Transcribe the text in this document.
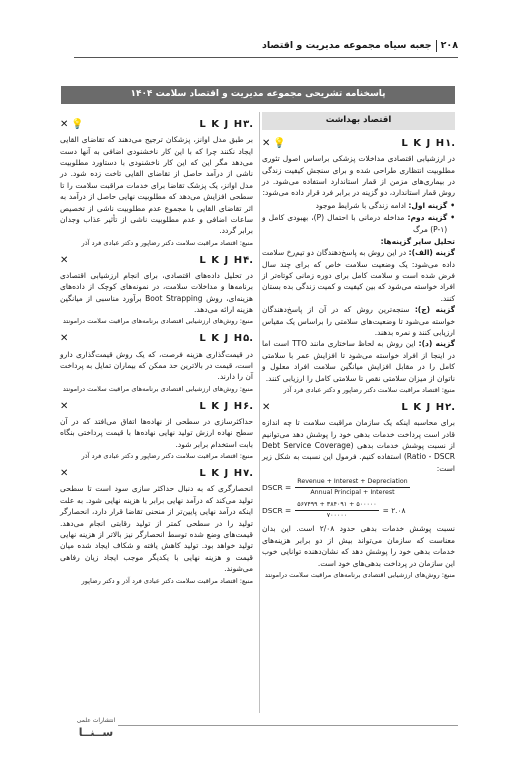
۲۰۸
جعبه سیاه مجموعه مدیریت و اقتصاد
پاسخنامه تشریحی مجموعه مدیریت و اقتصاد سلامت ۱۴۰۴
اقتصاد بهداشت
L K J H۱.
✕ 💡
در ارزشیابی اقتصادی مداخلات پزشکی براساس اصول تئوری مطلوبیت انتظاری طراحی شده و برای سنجش کیفیت زندگی در بیماری‌های مزمن از قمار استاندارد استفاده می‌شود. در روش قمار استاندارد، دو گزینه در برابر فرد قرار داده می‌شود:
•
گزینه اول: ادامه زندگی با شرایط موجود
•
گزینه دوم: مداخله درمانی با احتمال (P)، بهبودی کامل و (P-۱) مرگ
تحلیل سایر گزینه‌ها:
گزینه (الف): در این روش به پاسخ‌دهندگان دو تیم‌رخ سلامت داده می‌شود: یک وضعیت سلامت خاص که برای چند سال فرض شده است و سلامت کامل برای دوره زمانی کوتاه‌تر از افراد خواسته می‌شود که بین کیفیت و کمیت زندگی بده بستان کنند.
گزینه (ج): سنجه‌ترین روش که در آن از پاسخ‌دهندگان خواسته می‌شود تا وضعیت‌های سلامتی را براساس یک مقیاس ارزیابی کنند و نمره بدهند.
گزینه (د): این روش به لحاظ ساختاری مانند TTO است اما در اینجا از افراد خواسته می‌شود تا افزایش عمر با سلامتی کامل را در مقابل افزایش میانگین سلامت افراد معلول و ناتوان از میزان سلامتی نقص تا سلامتی کامل را ارزیابی کنند.
منبع: اقتصاد مراقبت سلامت دکتر رضاپور و دکتر عبادی فرد آذر
L K J H۲.
✕
برای محاسبه اینکه یک سازمان مراقبت سلامت تا چه اندازه قادر است پرداخت خدمات بدهی خود را پوشش دهد می‌توانیم از نسبت پوشش خدمات بدهی (Debt Service Coverage Ratio - DSCR) استفاده کنیم. فرمول این نسبت به شکل زیر است:
DSCR = $\frac{\text{Revenue + Interest + Depreciation}}{\text{Annual Principal + Interest}}$
DSCR = $\frac{۵۶۷۴۹۹ + ۳۸۴۰۹۱ + ۵۰۰۰۰۰}{۷۰۰۰۰۰}$ = ۲.۰۸
نسبت پوشش خدمات بدهی حدود ۲/۰۸ است. این بدان معناست که سازمان می‌تواند بیش از دو برابر هزینه‌های خدمات بدهی خود را پوشش دهد که نشان‌دهنده توانایی خوب این سازمان در پرداخت بدهی‌های خود است.
منبع: روش‌های ارزشیابی اقتصادی برنامه‌های مراقبت سلامت درامونتد
L K J H۳.
✕ 💡
بر طبق مدل اوانز، پزشکان ترجیح می‌دهند که تقاضای القایی ایجاد نکنند چرا که با این کار ناخشنودی اضافی به آنها دست می‌دهد مگر این که این کار ناخشنودی با دستاورد مطلوبیت ناشی از درآمد حاصل از تقاضای القایی تاخت زده شود. در مدل اوانز، یک پزشک تقاضا برای خدمات مراقبت سلامت را تا سطحی افزایش می‌دهد که مطلوبیت نهایی حاصل از درآمد به اثر تقاضای القایی با مجموع عدم مطلوبیت ناشی از تخصیص ساعات اضافی و عدم مطلوبیت ناشی از تأثیر عذاب وجدان برابر گردد.
منبع: اقتصاد مراقبت سلامت دکتر رضاپور و دکتر عبادی فرد آذر
L K J H۴.
✕
در تحلیل داده‌های اقتصادی، برای انجام ارزشیابی اقتصادی برنامه‌ها و مداخلات سلامت، در نمونه‌های کوچک از داده‌های هزینه‌ای، روش Boot Strapping برآورد مناسبی از میانگین هزینه ارائه می‌دهد.
منبع: روش‌های ارزشیابی اقتصادی برنامه‌های مراقبت سلامت درامونتد
L K J H۵.
✕
در قیمت‌گذاری هزینه فرصت، که یک روش قیمت‌گذاری دارو است، قیمت در بالاترین حد ممکن که بیماران تمایل به پرداخت آن را دارند.
منبع: روش‌های ارزشیابی اقتصادی برنامه‌های مراقبت سلامت درامونتد
L K J H۶.
✕
حداکثرسازی در سطحی از نهاده‌ها اتفاق می‌افتد که در آن سطح نهاده ارزش تولید نهایی نهاده‌ها با قیمت پرداختی بنگاه بابت استخدام برابر شود.
منبع: اقتصاد مراقبت سلامت دکتر رضاپور و دکتر عبادی فرد آذر
L K J H۷.
✕
انحصارگری که به دنبال حداکثر سازی سود است تا سطحی تولید می‌کند که درآمد نهایی برابر با هزینه نهایی شود. به علت اینکه درآمد نهایی پایین‌تر از منحنی تقاضا قرار دارد، انحصارگر تولید را در سطحی کمتر از تولید رقابتی انجام می‌دهد. قیمت‌های وضع شده توسط انحصارگر نیز بالاتر از هزینه نهایی تولید خواهد بود. تولید کاهش یافته و شکاف ایجاد شده میان قیمت و هزینه نهایی با یکدیگر موجب ایجاد زیان رفاهی می‌شوند.
منبع: اقتصاد مراقبت سلامت دکتر عبادی فرد آذر و دکتر رضاپور
انتشارات علمی
ســنــا
